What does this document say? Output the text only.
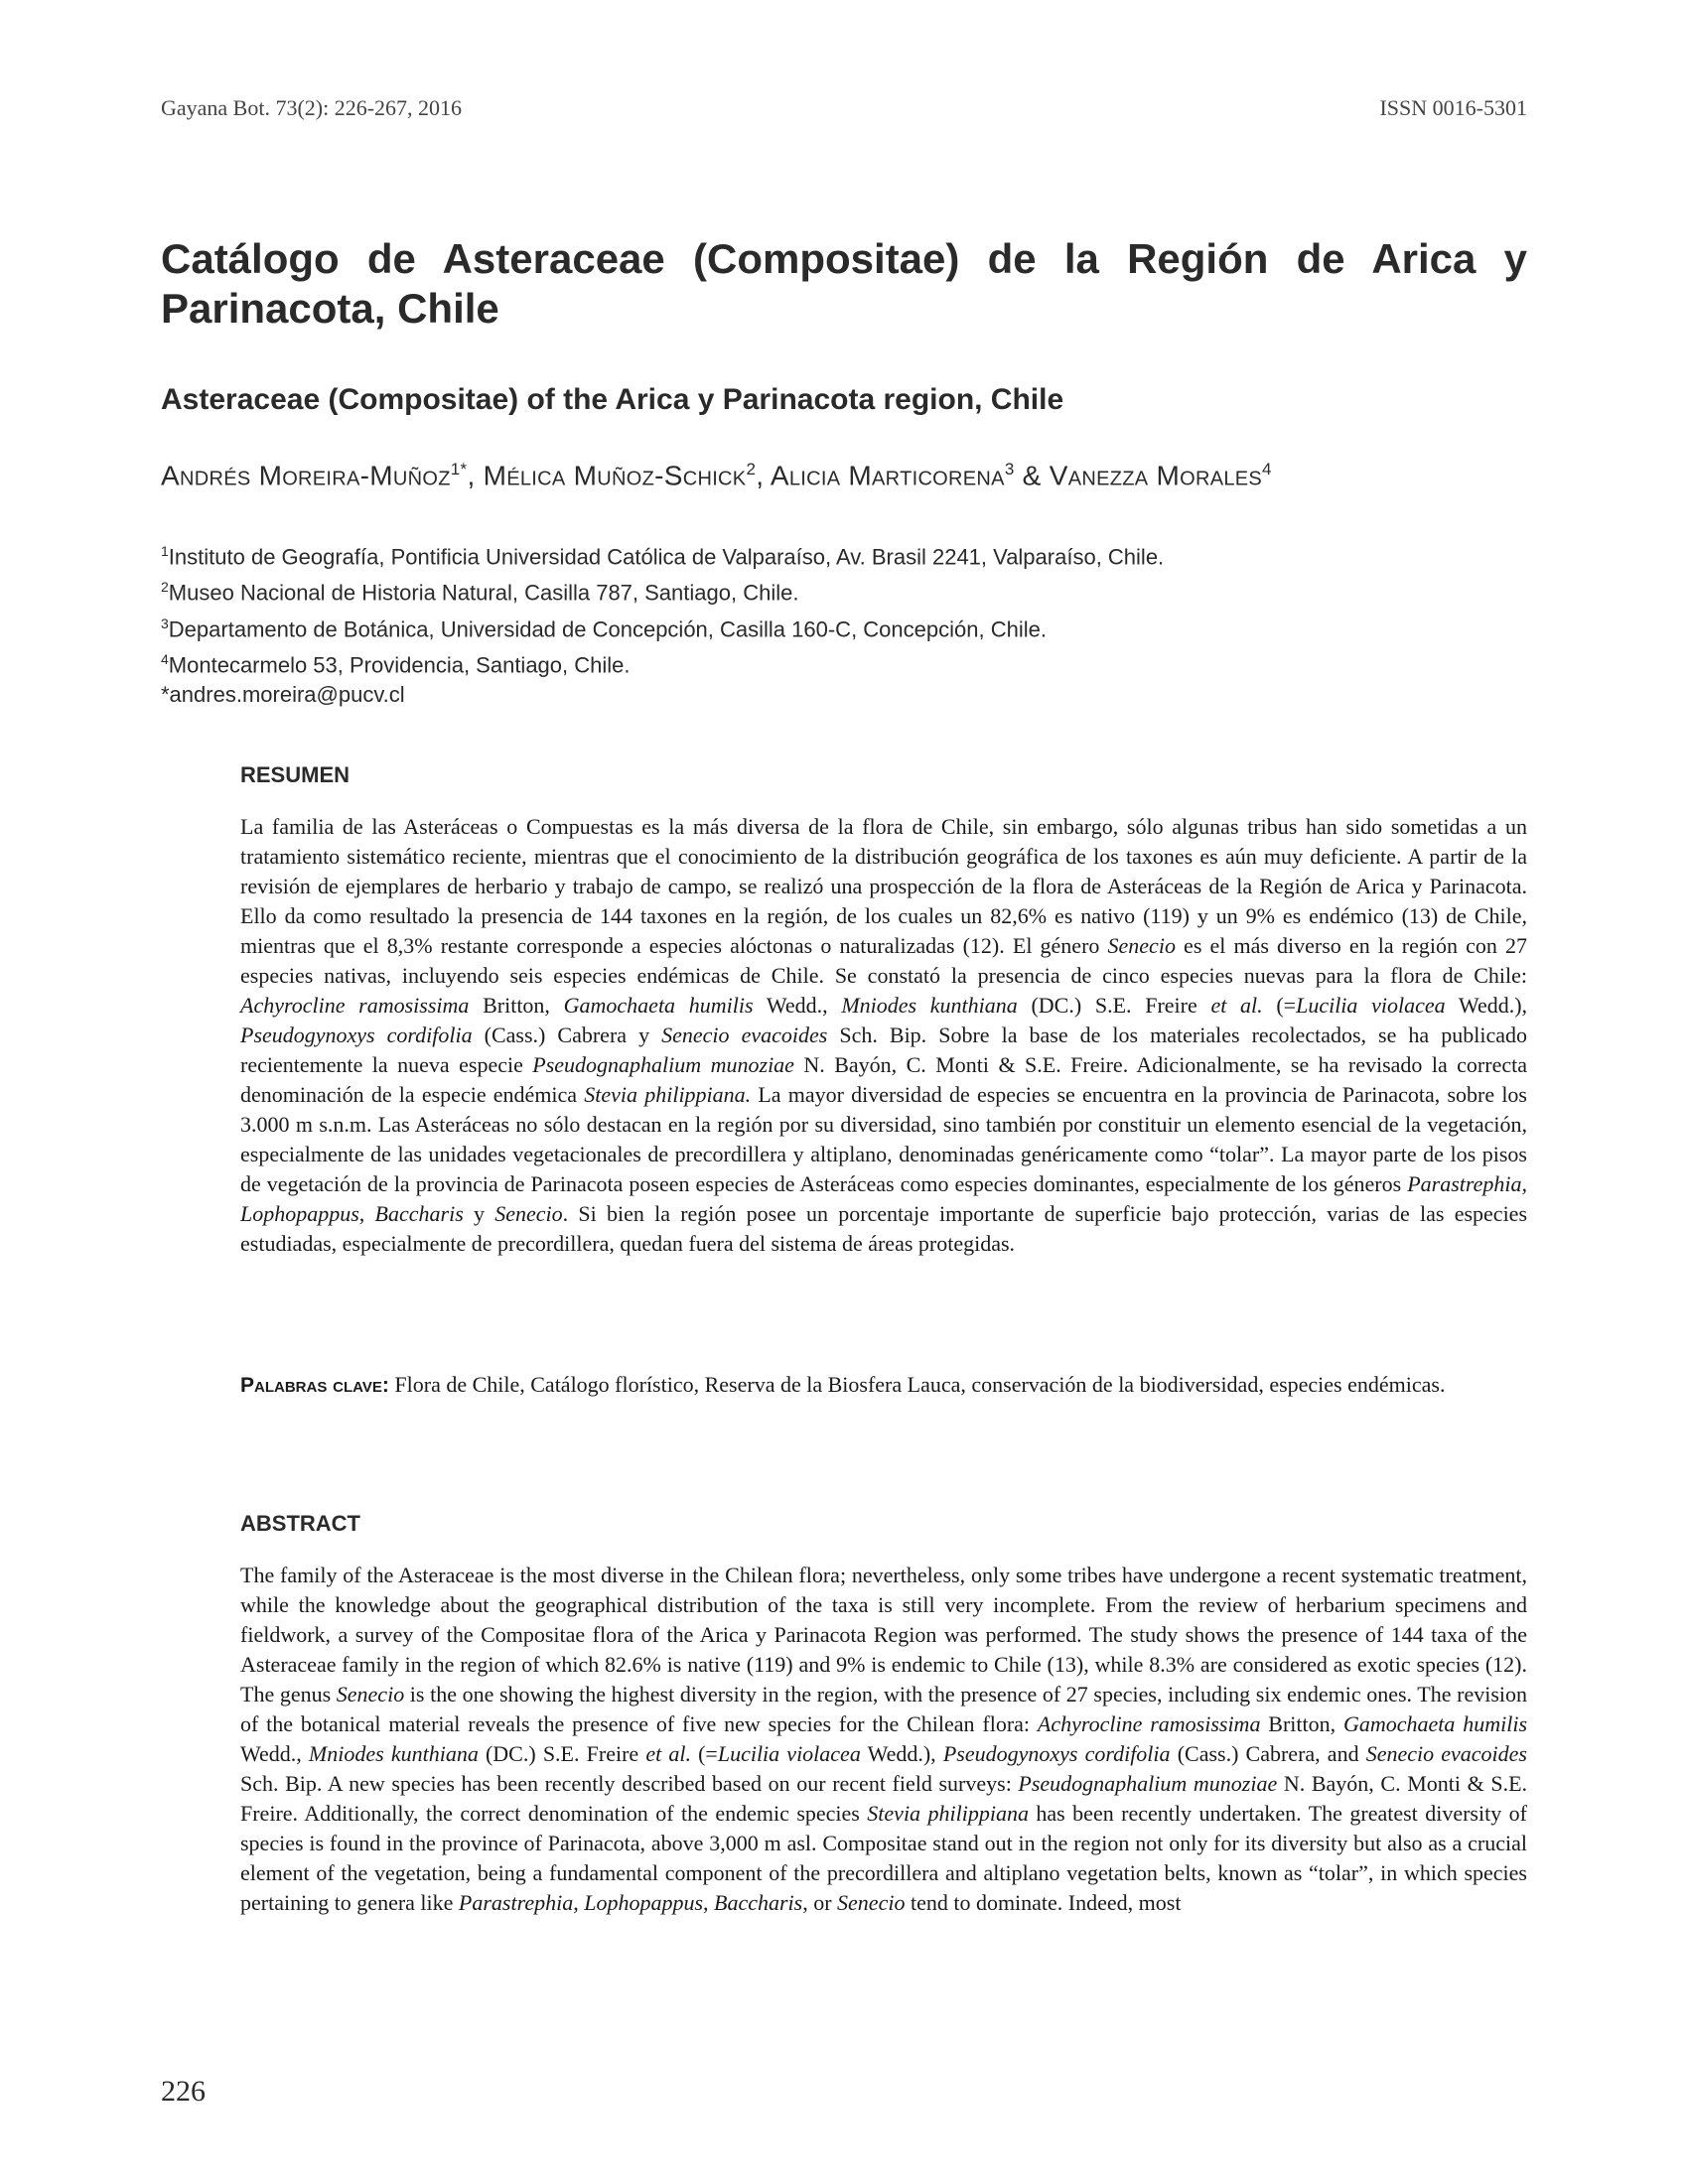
Gayana Bot. 73(2): 226-267, 2016	ISSN 0016-5301
Catálogo de Asteraceae (Compositae) de la Región de Arica y Parinacota, Chile
Asteraceae (Compositae) of the Arica y Parinacota region, Chile
Andrés Moreira-Muñoz$^{1*}$, Mélica Muñoz-Schick$^2$, Alicia Marticorena$^3$ & Vanezza Morales$^4$
$^1$Instituto de Geografía, Pontificia Universidad Católica de Valparaíso, Av. Brasil 2241, Valparaíso, Chile.
$^2$Museo Nacional de Historia Natural, Casilla 787, Santiago, Chile.
$^3$Departamento de Botánica, Universidad de Concepción, Casilla 160-C, Concepción, Chile.
$^4$Montecarmelo 53, Providencia, Santiago, Chile.
*andres.moreira@pucv.cl
RESUMEN

La familia de las Asteráceas o Compuestas es la más diversa de la flora de Chile, sin embargo, sólo algunas tribus han sido sometidas a un tratamiento sistemático reciente, mientras que el conocimiento de la distribución geográfica de los taxones es aún muy deficiente. A partir de la revisión de ejemplares de herbario y trabajo de campo, se realizó una prospección de la flora de Asteráceas de la Región de Arica y Parinacota. Ello da como resultado la presencia de 144 taxones en la región, de los cuales un 82,6% es nativo (119) y un 9% es endémico (13) de Chile, mientras que el 8,3% restante corresponde a especies alóctonas o naturalizadas (12). El género Senecio es el más diverso en la región con 27 especies nativas, incluyendo seis especies endémicas de Chile. Se constató la presencia de cinco especies nuevas para la flora de Chile: Achyrocline ramosissima Britton, Gamochaeta humilis Wedd., Mniodes kunthiana (DC.) S.E. Freire et al. (=Lucilia violacea Wedd.), Pseudogynoxys cordifolia (Cass.) Cabrera y Senecio evacoides Sch. Bip. Sobre la base de los materiales recolectados, se ha publicado recientemente la nueva especie Pseudognaphalium munoziae N. Bayón, C. Monti & S.E. Freire. Adicionalmente, se ha revisado la correcta denominación de la especie endémica Stevia philippiana. La mayor diversidad de especies se encuentra en la provincia de Parinacota, sobre los 3.000 m s.n.m. Las Asteráceas no sólo destacan en la región por su diversidad, sino también por constituir un elemento esencial de la vegetación, especialmente de las unidades vegetacionales de precordillera y altiplano, denominadas genéricamente como “tolar”. La mayor parte de los pisos de vegetación de la provincia de Parinacota poseen especies de Asteráceas como especies dominantes, especialmente de los géneros Parastrephia, Lophopappus, Baccharis y Senecio. Si bien la región posee un porcentaje importante de superficie bajo protección, varias de las especies estudiadas, especialmente de precordillera, quedan fuera del sistema de áreas protegidas.

Palabras clave: Flora de Chile, Catálogo florístico, Reserva de la Biosfera Lauca, conservación de la biodiversidad, especies endémicas.

ABSTRACT

The family of the Asteraceae is the most diverse in the Chilean flora; nevertheless, only some tribes have undergone a recent systematic treatment, while the knowledge about the geographical distribution of the taxa is still very incomplete. From the review of herbarium specimens and fieldwork, a survey of the Compositae flora of the Arica y Parinacota Region was performed. The study shows the presence of 144 taxa of the Asteraceae family in the region of which 82.6% is native (119) and 9% is endemic to Chile (13), while 8.3% are considered as exotic species (12). The genus Senecio is the one showing the highest diversity in the region, with the presence of 27 species, including six endemic ones. The revision of the botanical material reveals the presence of five new species for the Chilean flora: Achyrocline ramosissima Britton, Gamochaeta humilis Wedd., Mniodes kunthiana (DC.) S.E. Freire et al. (=Lucilia violacea Wedd.), Pseudogynoxys cordifolia (Cass.) Cabrera, and Senecio evacoides Sch. Bip. A new species has been recently described based on our recent field surveys: Pseudognaphalium munoziae N. Bayón, C. Monti & S.E. Freire. Additionally, the correct denomination of the endemic species Stevia philippiana has been recently undertaken. The greatest diversity of species is found in the province of Parinacota, above 3,000 m asl. Compositae stand out in the region not only for its diversity but also as a crucial element of the vegetation, being a fundamental component of the precordillera and altiplano vegetation belts, known as “tolar”, in which species pertaining to genera like Parastrephia, Lophopappus, Baccharis, or Senecio tend to dominate. Indeed, most

226
